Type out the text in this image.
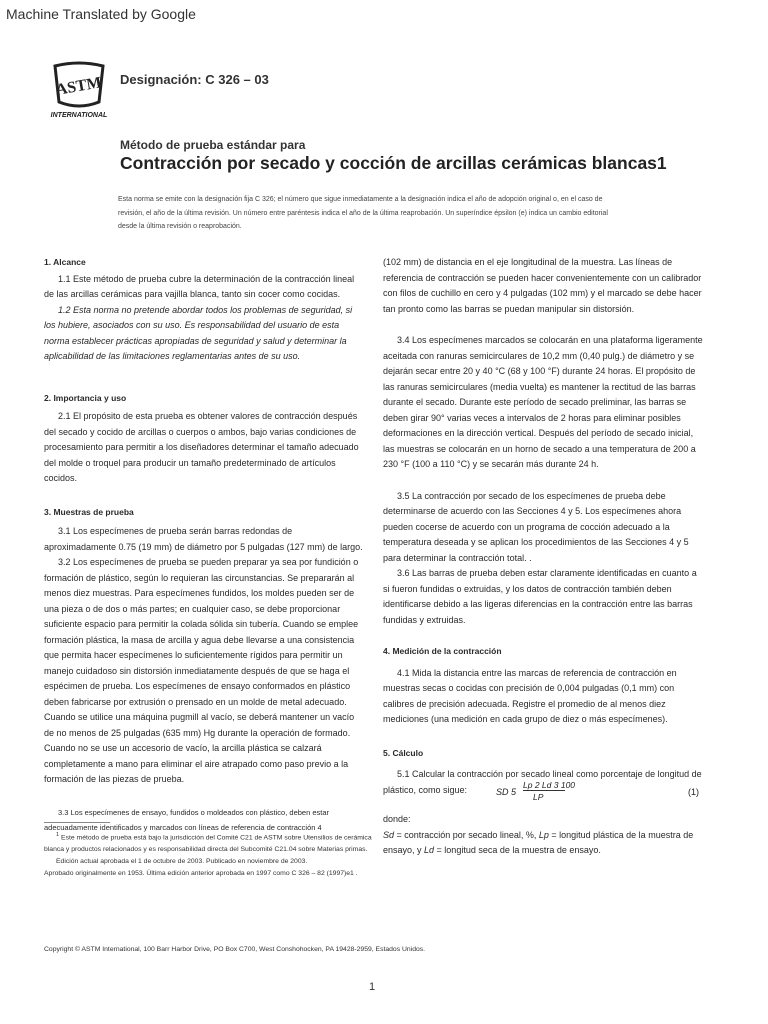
Machine Translated by Google
ASTM
INTERNATIONAL
Designación: C 326 – 03
Método de prueba estándar para
Contracción por secado y cocción de arcillas cerámicas blancas1
Esta norma se emite con la designación fija C 326; el número que sigue inmediatamente a la designación indica el año de adopción original o, en el caso de revisión, el año de la última revisión. Un número entre paréntesis indica el año de la última reaprobación. Un superíndice épsilon (e) indica un cambio editorial desde la última revisión o reaprobación.

1. Alcance

1.1 Este método de prueba cubre la determinación de la contracción lineal de las arcillas cerámicas para vajilla blanca, tanto sin cocer como cocidas.

1.2 Esta norma no pretende abordar todos los problemas de seguridad, si los hubiere, asociados con su uso. Es responsabilidad del usuario de esta norma establecer prácticas apropiadas de seguridad y salud y determinar la aplicabilidad de las limitaciones reglamentarias antes de su uso.

2. Importancia y uso

2.1 El propósito de esta prueba es obtener valores de contracción después del secado y cocido de arcillas o cuerpos o ambos, bajo varias condiciones de procesamiento para permitir a los diseñadores determinar el tamaño adecuado del molde o troquel para producir un tamaño predeterminado de artículos cocidos.

3. Muestras de prueba

3.1 Los especímenes de prueba serán barras redondas de aproximadamente 0.75 (19 mm) de diámetro por 5 pulgadas (127 mm) de largo.

3.2 Los especímenes de prueba se pueden preparar ya sea por fundición o formación de plástico, según lo requieran las circunstancias. Se prepararán al menos diez muestras. Para especímenes fundidos, los moldes pueden ser de una pieza o de dos o más partes; en cualquier caso, se debe proporcionar suficiente espacio para permitir la colada sólida sin tubería. Cuando se emplee formación plástica, la masa de arcilla y agua debe llevarse a una consistencia que permita hacer especímenes lo suficientemente rígidos para permitir un manejo cuidadoso sin distorsión inmediatamente después de que se haga el espécimen de prueba. Los especímenes de ensayo conformados en plástico deben fabricarse por extrusión o prensado en un molde de metal adecuado. Cuando se utilice una máquina pugmill al vacío, se deberá mantener un vacío de no menos de 25 pulgadas (635 mm) Hg durante la operación de formado. Cuando no se use un accesorio de vacío, la arcilla plástica se calzará completamente a mano para eliminar el aire atrapado como paso previo a la formación de las piezas de prueba.

3.3 Los especímenes de ensayo, fundidos o moldeados con plástico, deben estar adecuadamente identificados y marcados con líneas de referencia de contracción 4

(102 mm) de distancia en el eje longitudinal de la muestra. Las líneas de referencia de contracción se pueden hacer convenientemente con un calibrador con filos de cuchillo en cero y 4 pulgadas (102 mm) y el marcado se debe hacer tan pronto como las barras se puedan manipular sin distorsión.

3.4 Los especímenes marcados se colocarán en una plataforma ligeramente aceitada con ranuras semicirculares de 10,2 mm (0,40 pulg.) de diámetro y se dejarán secar entre 20 y 40 °C (68 y 100 °F) durante 24 horas. El propósito de las ranuras semicirculares (media vuelta) es mantener la rectitud de las barras durante el secado. Durante este período de secado preliminar, las barras se deben girar 90° varias veces a intervalos de 2 horas para eliminar posibles deformaciones en la dirección vertical. Después del período de secado inicial, las muestras se colocarán en un horno de secado a una temperatura de 200 a 230 °F (100 a 110 °C) y se secarán más durante 24 h.

3.5 La contracción por secado de los especímenes de prueba debe determinarse de acuerdo con las Secciones 4 y 5. Los especímenes ahora pueden cocerse de acuerdo con un programa de cocción adecuado a la temperatura deseada y se aplican los procedimientos de las Secciones 4 y 5 para determinar la contracción total. .

3.6 Las barras de prueba deben estar claramente identificadas en cuanto a si fueron fundidas o extruidas, y los datos de contracción también deben identificarse debido a las ligeras diferencias en la contracción entre las barras fundidas y extruidas.

4. Medición de la contracción

4.1 Mida la distancia entre las marcas de referencia de contracción en muestras secas o cocidas con precisión de 0,004 pulgadas (0,1 mm) con calibres de precisión adecuada. Registre el promedio de al menos diez mediciones (una medición en cada grupo de diez o más especímenes).

5. Cálculo

5.1 Calcular la contracción por secado lineal como porcentaje de longitud de plástico, como sigue:	SD 5
Lp 2 Ld 3 100
LP	(1)

donde:

Sd = contracción por secado lineal, %, Lp = longitud plástica de la muestra de ensayo, y Ld = longitud seca de la muestra de ensayo.

$^1$ Este método de prueba está bajo la jurisdicción del Comité C21 de ASTM sobre Utensilios de cerámica blanca y productos relacionados y es responsabilidad directa del Subcomité C21.04 sobre Materias primas.

Edición actual aprobada el 1 de octubre de 2003. Publicado en noviembre de 2003.

Aprobado originalmente en 1953. Última edición anterior aprobada en 1997 como C 326 – 82 (1997)e1 .

Copyright © ASTM International, 100 Barr Harbor Drive, PO Box C700, West Conshohocken, PA 19428-2959, Estados Unidos.
1
